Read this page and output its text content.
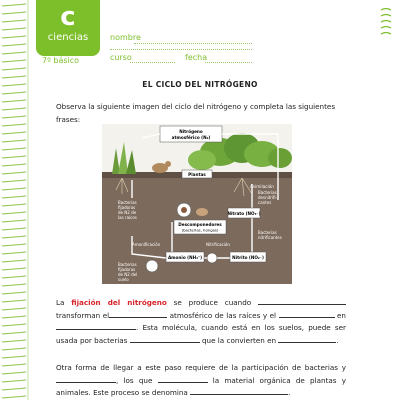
c
ciencias
7º básico
nombre
curso	fecha
EL CICLO DEL NITRÓGENO
Observa la siguiente imagen del ciclo del nitrógeno y completa las siguientes frases:
Nitrógeno
atmosférico (N₂)
Plantas
Asimilación
Bacterias
fijadoras
de N2 de
las raíces
Descomponedores
(bacterias, hongos)
Bacterias
desnitrifi-
cantes
Nitrato (NO₃⁻)
Amonificación	Nitrificación
Bacterias
nitrificantes
Bacterias
fijadoras
de N2 del
suelo
Amonio (NH₄⁺)	Nitrito (NO₂⁻)
La fijación del nitrógeno se produce cuando  transforman el	atmosférico de las raíces y el	en . Esta molécula, cuando está en los suelos, puede ser usada por bacterias	que la convierten en	.
Otra forma de llegar a este paso requiere de la participación de bacterias y , los que	la material orgánica de plantas y animales. Este proceso se denomina	.
